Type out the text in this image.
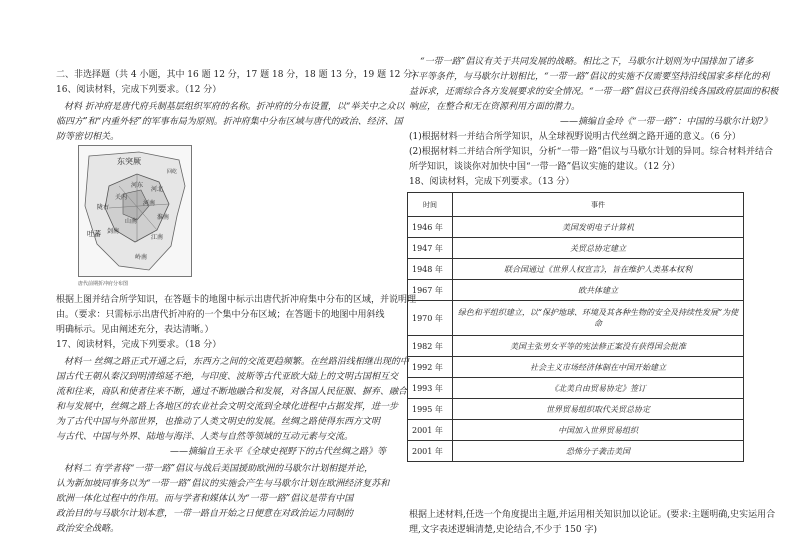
二、非选择题（共 4 小题，其中 16 题 12 分，17 题 18 分，18 题 13 分，19 题 12 分）
16、阅读材料，完成下列要求。（12 分）
材料 折冲府是唐代府兵制基层组织军府的名称。折冲府的分布设置，以“举关中之众以
临四方”和“内重外轻”的军事布局为原则。折冲府集中分布区域与唐代的政治、经济、国
防等密切相关。
东突厥
回纥
吐蕃
河北
河东
关内
陇右
剑南
江南
岭南
淮南
河南
山南
唐代前期折冲府分布图
根据上图并结合所学知识，在答题卡的地图中标示出唐代折冲府集中分布的区域，并说明理
由。（要求：只需标示出唐代折冲府的一个集中分布区域；在答题卡的地图中用斜线
明确标示。见由阐述充分，表达清晰。）
17、阅读材料，完成下列要求。（18 分）
材料一 丝绸之路正式开通之后，东西方之间的交流更趋频繁。在丝路沿线相继出现的中
国古代王朝从秦汉到明清绵延不绝，与印度、波斯等古代亚欧大陆上的文明古国相互交
流和往来，商队和使者往来不断，通过不断地融合和发展，对各国人民征服、摒弃、融合
和与发展中，丝绸之路上各地区的农业社会文明交流到全球化进程中占据发挥，进一步
为了古代中国与外部世界，也推动了人类文明史的发展。丝绸之路使得东西方文明
与古代、中国与外界、陆地与海洋、人类与自然等领域的互动元素与交流。
——摘编自王永平《全球史视野下的古代丝绸之路》等
材料二 有学者将“一带一路”倡议与战后美国援助欧洲的马歇尔计划相提并论，
认为新加坡同事务以为“一带一路”倡议的实施会产生与马歇尔计划在欧洲经济复苏和
欧洲一体化过程中的作用。而与学者和媒体认为“一带一路”倡议是带有中国
政治目的与马歇尔计划本意，一带一路自开始之日便意在对政治运力同制的
政治安全战略。
“一带一路”倡议有关于共同发展的战略。相比之下，马歇尔计划则为中国排加了诸多
不平等条件，与马歇尔计划相比，“一带一路”倡议的实施不仅需要坚持沿线国家多样化的利
益诉求，还需综合各方发展要求的安全情况。“一带一路”倡议已获得沿线各国政府层面的积极
响应，在整合和无在资源利用方面的潜力。
——摘编自金玲《“一带一路”：中国的马歇尔计划?》
(1)根据材料一并结合所学知识，从全球视野说明古代丝绸之路开通的意义。（6 分）
(2)根据材料二并结合所学知识，分析“一带一路”倡议与马歇尔计划的异同。综合材料并结合
所学知识，谈谈你对加快中国“一带一路”倡议实施的建议。（12 分）
18、阅读材料，完成下列要求。（13 分）
时间	事件
1946 年	美国发明电子计算机
1947 年	关贸总协定建立
1948 年	联合国通过《世界人权宣言》，旨在维护人类基本权利
1967 年	欧共体建立
1970 年	绿色和平组织建立，以“保护地球、环境及其各种生物的安全及持续性发展”为使命
1982 年	美国主张男女平等的宪法修正案没有获得国会批准
1992 年	社会主义市场经济体制在中国开始建立
1993 年	《北美自由贸易协定》签订
1995 年	世界贸易组织取代关贸总协定
2001 年	中国加入世界贸易组织
2001 年	恐怖分子袭击美国
根据上述材料,任选一个角度提出主题,并运用相关知识加以论证。(要求:主题明确,史实运用合
理,文字表述逻辑清楚,史论结合,不少于 150 字)
